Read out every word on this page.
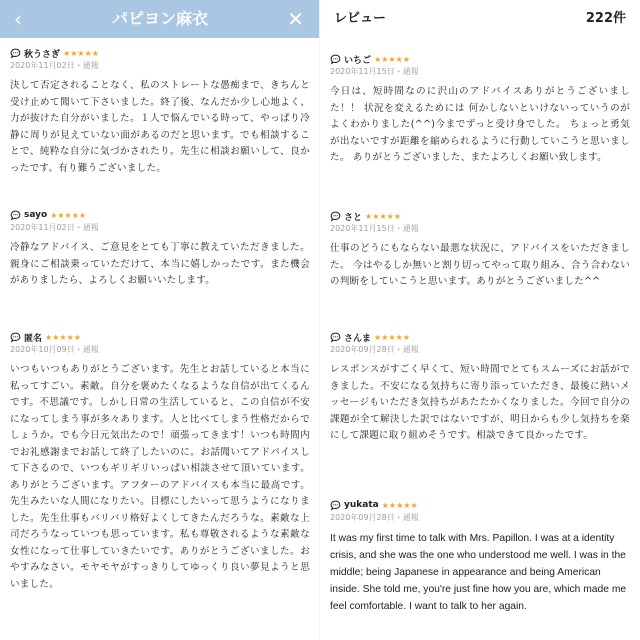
‹	パピヨン麻衣	✕
秋うさぎ ★★★★★
2020年11月02日・通報
決して否定されることなく、私のストレートな愚痴まで、きちんと受け止めて聞いて下さいました。終了後、なんだか少し心地よく、力が抜けた自分がいました。１人で悩んでいる時って、やっぱり冷静に周りが見えていない面があるのだと思います。でも相談することで、純粋な自分に気づかされたり。先生に相談お願いして、良かったです。有り難うございました。
sayo ★★★★★
2020年11月02日・通報
冷静なアドバイス、ご意見をとても丁寧に教えていただきました。 親身にご相談乗っていただけて、本当に嬉しかったです。また機会がありましたら、よろしくお願いいたします。
匿名 ★★★★★
2020年10月09日・通報
いつもいつもありがとうございます。先生とお話していると本当に私ってすごい。素敵。自分を褒めたくなるような自信が出てくるんです。不思議です。しかし日常の生活していると、この自信が不安になってしまう事が多々あります。人と比べてしまう性格だからでしょうか。でも今日元気出たので！頑張ってきます！いつも時間内でお礼感謝までお話して終了したいのに。お話聞いてアドバイスして下さるので、いつもギリギリいっぱい相談させて頂いています。ありがとうございます。アフターのアドバイスも本当に最高です。先生みたいな人間になりたい。目標にしたいって思うようになりました。先生仕事もバリバリ格好よくしてきたんだろうな。素敵な上司だろうなっていつも思っています。私も尊敬されるような素敵な女性になって仕事していきたいです。ありがとうございました。おやすみなさい。モヤモヤがすっきりしてゆっくり良い夢見ようと思いました。
レビュー	222件
いちご ★★★★★
2020年11月15日・通報
今日は、短時間なのに沢山のアドバイスありがとうございました！！ 状況を変えるためには 何かしないといけないっていうのがよくわかりました(^^)今までずっと受け身でした。 ちょっと勇気が出ないですが距離を縮められるように行動していこうと思いました。 ありがとうございました、またよろしくお願い致します。
さと ★★★★★
2020年11月15日・通報
仕事のどうにもならない最悪な状況に、アドバイスをいただきました。 今はやるしか無いと割り切ってやって取り組み、合う合わないの判断をしていこうと思います。ありがとうございました^^
さんま ★★★★★
2020年09月28日・通報
レスポンスがすごく早くて、短い時間でとてもスムーズにお話ができました。不安になる気持ちに寄り添っていただき、最後に熱いメッセージもいただき気持ちがあたたかくなりました。今回で自分の課題が全て解決した訳ではないですが、明日からも少し気持ちを楽にして課題に取り組めそうです。相談できて良かったです。
yukata ★★★★★
2020年09月28日・通報
It was my first time to talk with Mrs. Papillon. I was at a identity crisis, and she was the one who understood me well. I was in the middle; being Japanese in appearance and being American inside. She told me, you're just fine how you are, which made me feel comfortable. I want to talk to her again.
